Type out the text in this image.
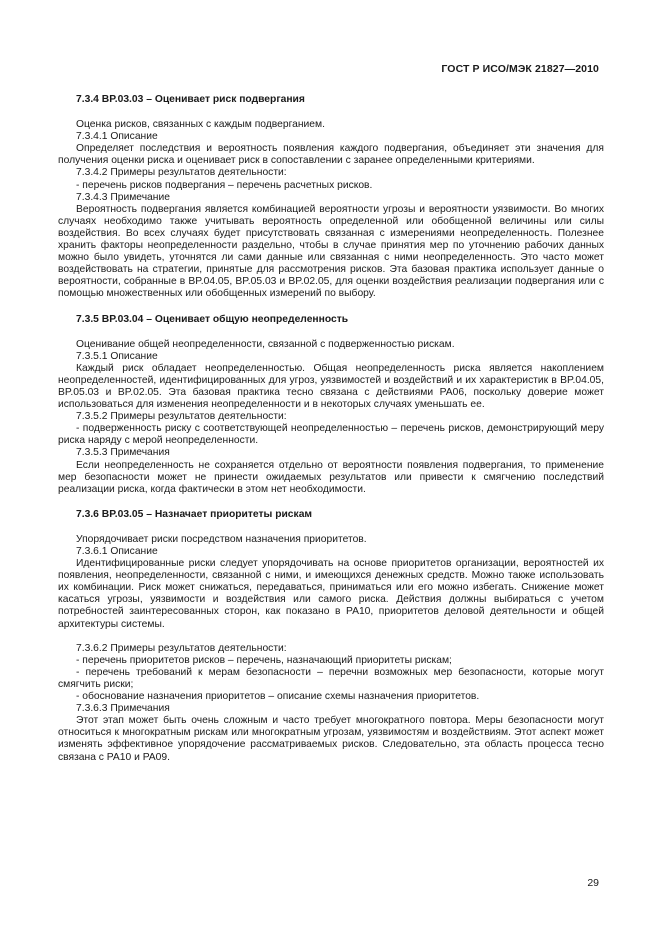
ГОСТ Р ИСО/МЭК 21827—2010
7.3.4 BP.03.03 – Оценивает риск подвергания

Оценка рисков, связанных с каждым подверганием.

7.3.4.1 Описание

Определяет последствия и вероятность появления каждого подвергания, объединяет эти значения для получения оценки риска и оценивает риск в сопоставлении с заранее определенными критериями.

7.3.4.2 Примеры результатов деятельности:

- перечень рисков подвергания – перечень расчетных рисков.

7.3.4.3 Примечание

Вероятность подвергания является комбинацией вероятности угрозы и вероятности уязвимости. Во многих случаях необходимо также учитывать вероятность определенной или обобщенной величины или силы воздействия. Во всех случаях будет присутствовать связанная с измерениями неопределенность. Полезнее хранить факторы неопределенности раздельно, чтобы в случае принятия мер по уточнению рабочих данных можно было увидеть, уточнятся ли сами данные или связанная с ними неопределенность. Это часто может воздействовать на стратегии, принятые для рассмотрения рисков. Эта базовая практика использует данные о вероятности, собранные в BP.04.05, BP.05.03 и BP.02.05, для оценки воздействия реализации подвергания или с помощью множественных или обобщенных измерений по выбору.

7.3.5 BP.03.04 – Оценивает общую неопределенность

Оценивание общей неопределенности, связанной с подверженностью рискам.

7.3.5.1 Описание

Каждый риск обладает неопределенностью. Общая неопределенность риска является накоплением неопределенностей, идентифицированных для угроз, уязвимостей и воздействий и их характеристик в BP.04.05, BP.05.03 и BP.02.05. Эта базовая практика тесно связана с действиями PA06, поскольку доверие может использоваться для изменения неопределенности и в некоторых случаях уменьшать ее.

7.3.5.2 Примеры результатов деятельности:

- подверженность риску с соответствующей неопределенностью – перечень рисков, демонстрирующий меру риска наряду с мерой неопределенности.

7.3.5.3 Примечания

Если неопределенность не сохраняется отдельно от вероятности появления подвергания, то применение мер безопасности может не принести ожидаемых результатов или привести к смягчению последствий реализации риска, когда фактически в этом нет необходимости.

7.3.6 BP.03.05 – Назначает приоритеты рискам

Упорядочивает риски посредством назначения приоритетов.

7.3.6.1 Описание

Идентифицированные риски следует упорядочивать на основе приоритетов организации, вероятностей их появления, неопределенности, связанной с ними, и имеющихся денежных средств. Можно также использовать их комбинации. Риск может снижаться, передаваться, приниматься или его можно избегать. Снижение может касаться угрозы, уязвимости и воздействия или самого риска. Действия должны выбираться с учетом потребностей заинтересованных сторон, как показано в PA10, приоритетов деловой деятельности и общей архитектуры системы.

7.3.6.2 Примеры результатов деятельности:

- перечень приоритетов рисков – перечень, назначающий приоритеты рискам;

- перечень требований к мерам безопасности – перечни возможных мер безопасности, которые могут смягчить риски;

- обоснование назначения приоритетов – описание схемы назначения приоритетов.

7.3.6.3 Примечания

Этот этап может быть очень сложным и часто требует многократного повтора. Меры безопасности могут относиться к многократным рискам или многократным угрозам, уязвимостям и воздействиям. Этот аспект может изменять эффективное упорядочение рассматриваемых рисков. Следовательно, эта область процесса тесно связана с PA10 и PA09.

29
